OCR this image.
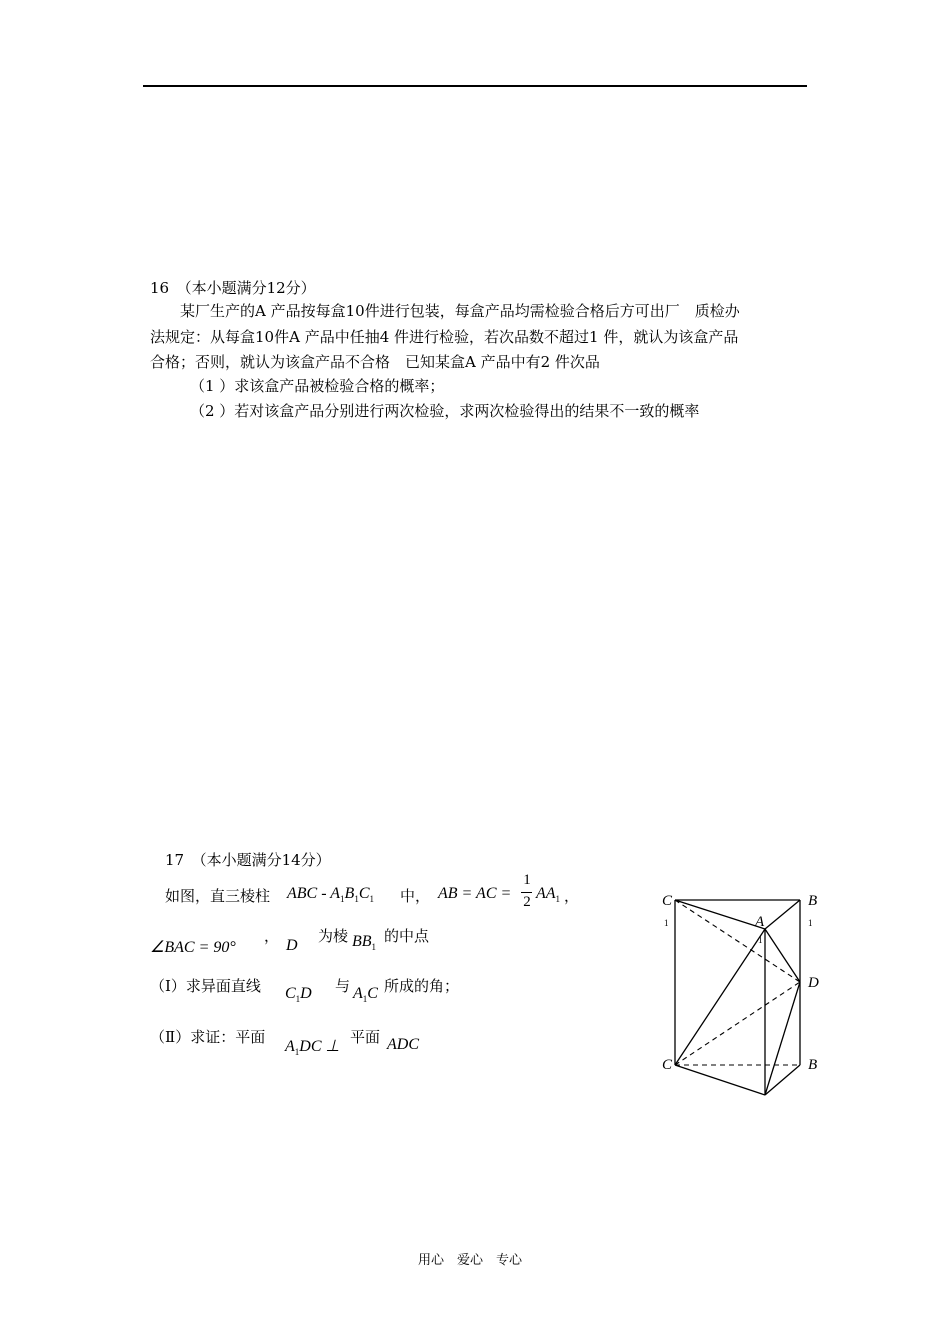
16　（本小题满分12分）
某厂生产的A 产品按每盒10件进行包装，每盒产品均需检验合格后方可出厂　质检办
法规定：从每盒10件A 产品中任抽4 件进行检验，若次品数不超过1 件，就认为该盒产品
合格；否则，就认为该盒产品不合格　已知某盒A 产品中有2 件次品
（1 ）求该盒产品被检验合格的概率；
（2 ）若对该盒产品分别进行两次检验，求两次检验得出的结果不一致的概率
17　（本小题满分14分）
如图，直三棱柱 ABC - $A_1B_1C_1$ 中， AB = AC =
1
2 $AA_1$ ，
∠BAC = 90°
，
D
为棱 $BB_1$
的中点
（Ⅰ）求异面直线 $C_1D$ 与 $A_1C$ 所成的角；
（Ⅱ）求证：平面
$A_1DC$ ⊥
平面 ADC
C
1
B
1
A
1
D
C	B
用心　爱心　专心
